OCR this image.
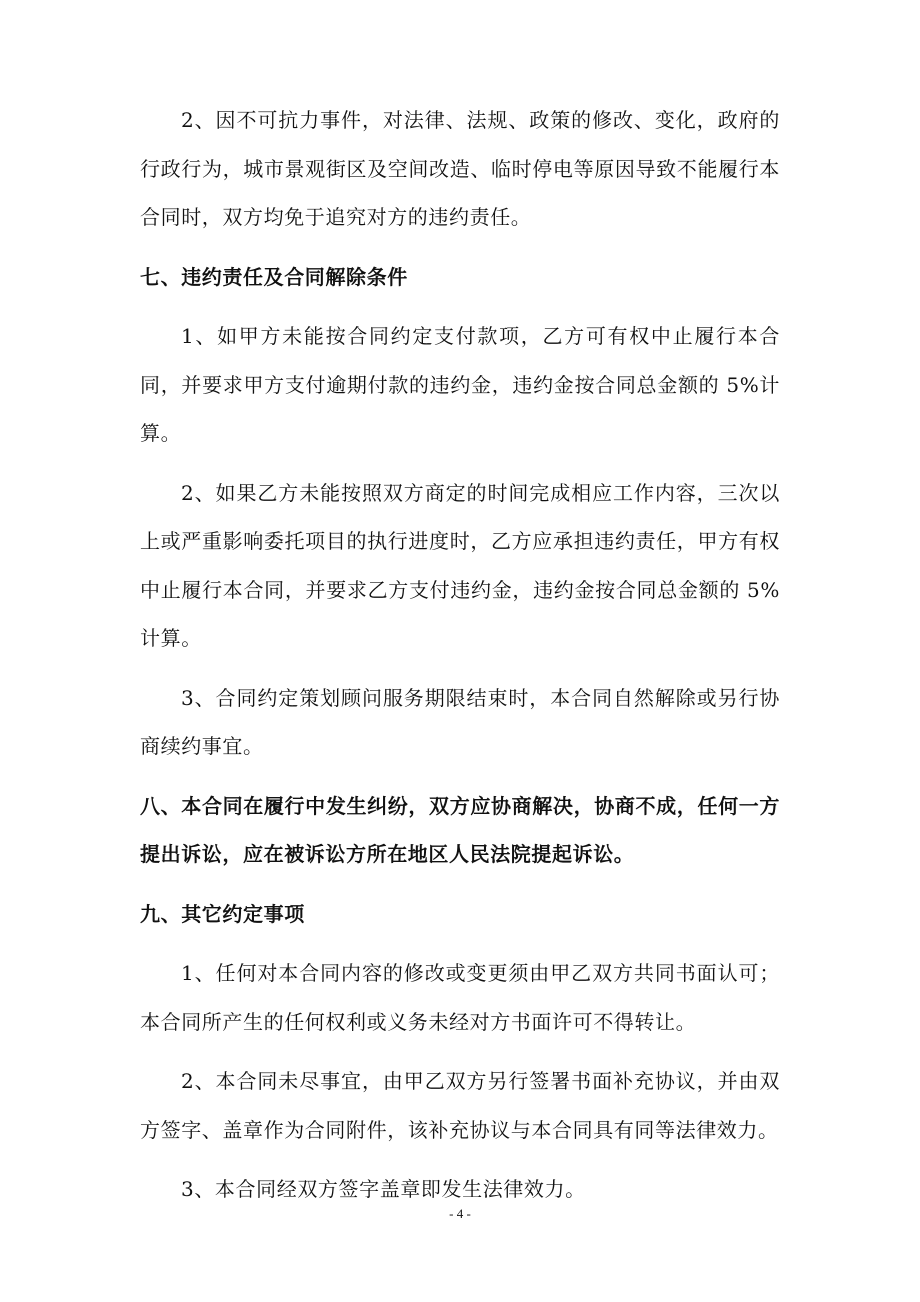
2、因不可抗力事件，对法律、法规、政策的修改、变化，政府的行政行为，城市景观街区及空间改造、临时停电等原因导致不能履行本合同时，双方均免于追究对方的违约责任。

七、违约责任及合同解除条件

1、如甲方未能按合同约定支付款项，乙方可有权中止履行本合同，并要求甲方支付逾期付款的违约金，违约金按合同总金额的 5%计算。

2、如果乙方未能按照双方商定的时间完成相应工作内容，三次以上或严重影响委托项目的执行进度时，乙方应承担违约责任，甲方有权中止履行本合同，并要求乙方支付违约金，违约金按合同总金额的 5%计算。

3、合同约定策划顾问服务期限结束时，本合同自然解除或另行协商续约事宜。

八、本合同在履行中发生纠纷，双方应协商解决，协商不成，任何一方提出诉讼，应在被诉讼方所在地区人民法院提起诉讼。

九、其它约定事项

1、任何对本合同内容的修改或变更须由甲乙双方共同书面认可；本合同所产生的任何权利或义务未经对方书面许可不得转让。

2、本合同未尽事宜，由甲乙双方另行签署书面补充协议，并由双方签字、盖章作为合同附件，该补充协议与本合同具有同等法律效力。

3、本合同经双方签字盖章即发生法律效力。

- 4 -
